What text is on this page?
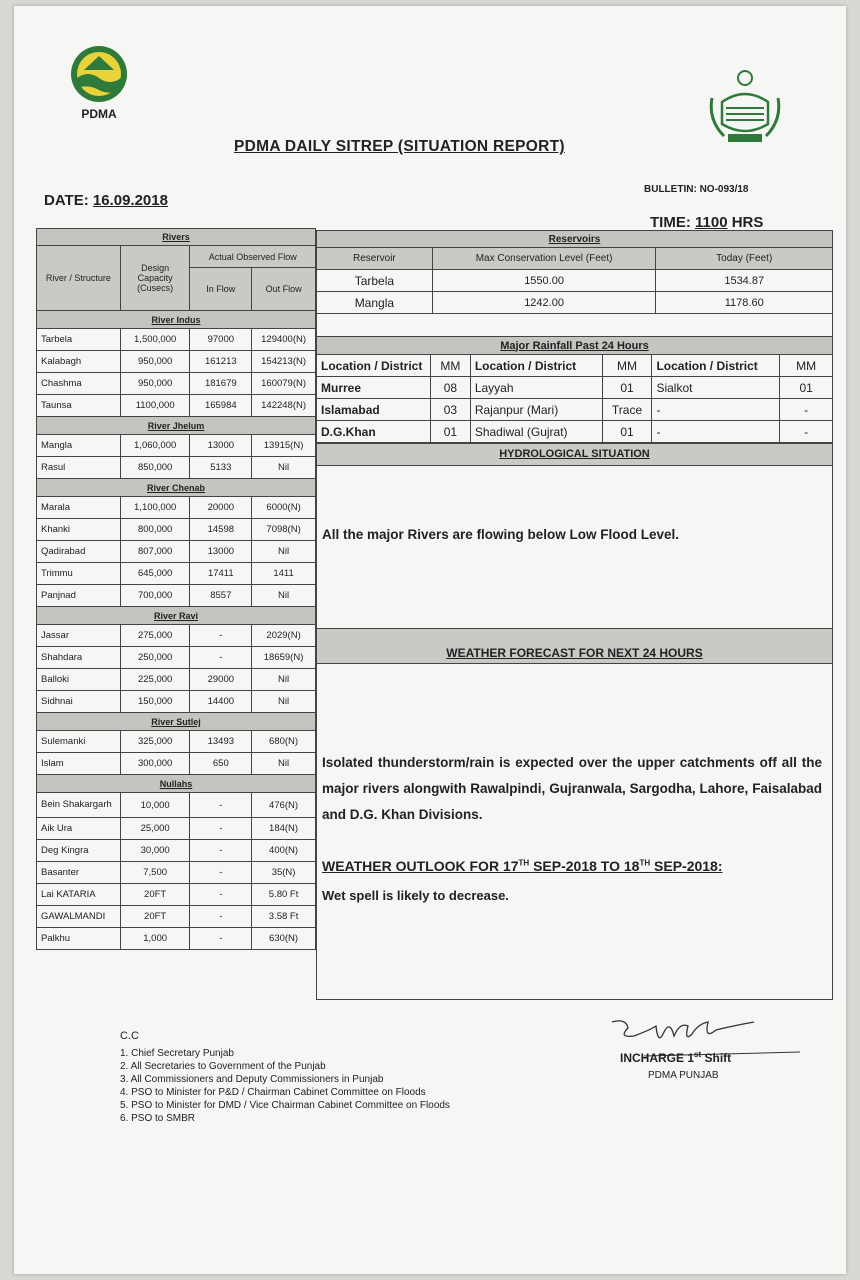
PDMA
PDMA DAILY SITREP (SITUATION REPORT)
DATE: 16.09.2018
BULLETIN: NO-093/18
TIME: 1100 HRS
Rivers			
River / Structure	Design Capacity (Cusecs)	Actual Observed Flow	
		In Flow	Out Flow
River Indus			
Tarbela	1,500,000	97000	129400(N)
Kalabagh	950,000	161213	154213(N)
Chashma	950,000	181679	160079(N)
Taunsa	1100,000	165984	142248(N)
River Jhelum			
Mangla	1,060,000	13000	13915(N)
Rasul	850,000	5133	Nil
River Chenab			
Marala	1,100,000	20000	6000(N)
Khanki	800,000	14598	7098(N)
Qadirabad	807,000	13000	Nil
Trimmu	645,000	17411	1411
Panjnad	700,000	8557	Nil
River Ravi			
Jassar	275,000	-	2029(N)
Shahdara	250,000	-	18659(N)
Balloki	225,000	29000	Nil
Sidhnai	150,000	14400	Nil
River Sutlej			
Sulemanki	325,000	13493	680(N)
Islam	300,000	650	Nil
Nullahs			
Bein Shakargarh	10,000	-	476(N)
Aik Ura	25,000	-	184(N)
Deg Kingra	30,000	-	400(N)
Basanter	7,500	-	35(N)
Lai KATARIA	20FT	-	5.80 Ft
GAWALMANDI	20FT	-	3.58 Ft
Palkhu	1,000	-	630(N)
Reservoirs		
Reservoir	Max Conservation Level (Feet)	Today (Feet)
Tarbela	1550.00	1534.87
Mangla	1242.00	1178.60
Major Rainfall Past 24 Hours					
Location / District	MM	Location / District	MM	Location / District	MM
Murree	08	Layyah	01	Sialkot	01
Islamabad	03	Rajanpur (Mari)	Trace	-	-
D.G.Khan	01	Shadiwal (Gujrat)	01	-	-
HYDROLOGICAL SITUATION
All the major Rivers are flowing below Low Flood Level.
WEATHER FORECAST FOR NEXT 24 HOURS
Isolated thunderstorm/rain is expected over the upper catchments off all the major rivers alongwith Rawalpindi, Gujranwala, Sargodha, Lahore, Faisalabad and D.G. Khan Divisions.
WEATHER OUTLOOK FOR 17TH SEP-2018 TO 18TH SEP-2018:
Wet spell is likely to decrease.
C.C
1. Chief Secretary Punjab
2. All Secretaries to Government of the Punjab
3. All Commissioners and Deputy Commissioners in Punjab
4. PSO to Minister for P&D / Chairman Cabinet Committee on Floods
5. PSO to Minister for DMD / Vice Chairman Cabinet Committee on Floods
6. PSO to SMBR
INCHARGE 1st Shift
PDMA PUNJAB
